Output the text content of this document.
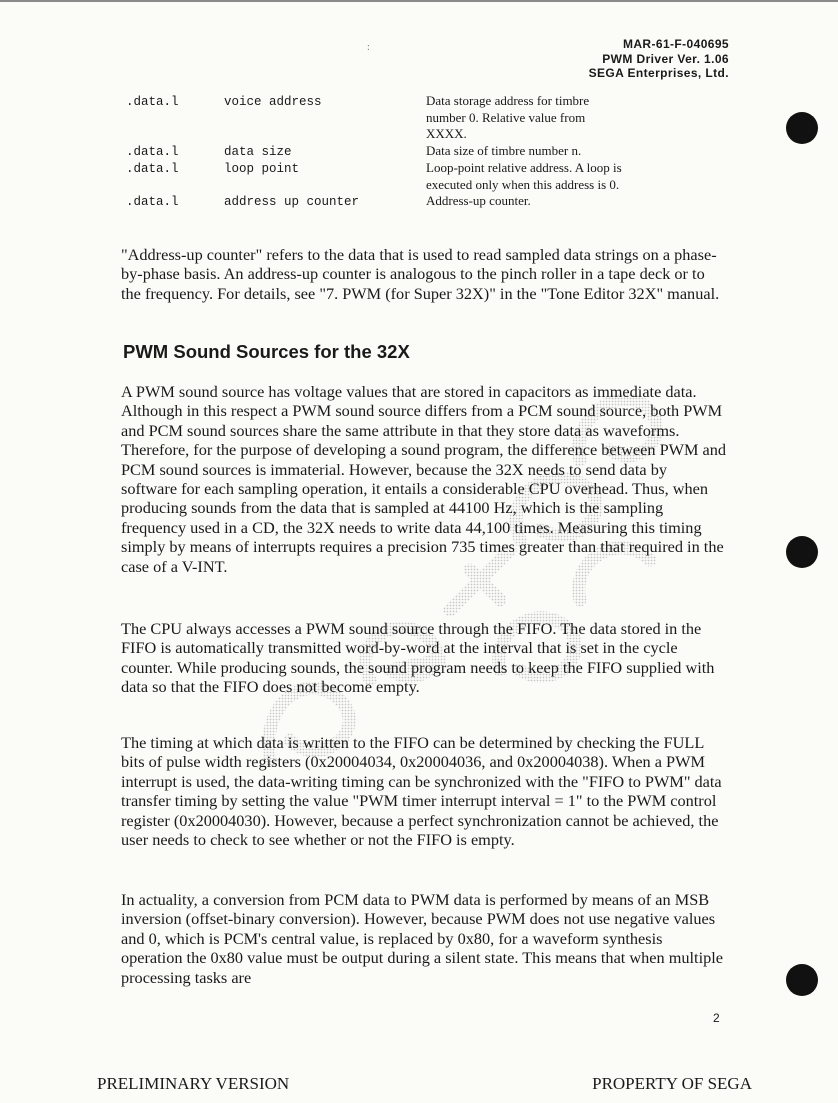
:	MAR-61-F-040695
PWM Driver Ver. 1.06
SEGA Enterprises, Ltd.
.data.l	voice address	Data storage address for timbre number 0. Relative value from XXXX.
.data.l	data size	Data size of timbre number n.
.data.l	loop point	Loop-point relative address. A loop is executed only when this address is 0.
.data.l	address up counter	Address-up counter.

"Address-up counter" refers to the data that is used to read sampled data strings on a phase-by-phase basis. An address-up counter is analogous to the pinch roller in a tape deck or to the frequency. For details, see "7. PWM (for Super 32X)" in the "Tone Editor 32X" manual.

PWM Sound Sources for the 32X

A PWM sound source has voltage values that are stored in capacitors as immediate data. Although in this respect a PWM sound source differs from a PCM sound source, both PWM and PCM sound sources share the same attribute in that they store data as waveforms. Therefore, for the purpose of developing a sound program, the difference between PWM and PCM sound sources is immaterial. However, because the 32X needs to send data by software for each sampling operation, it entails a considerable CPU overhead. Thus, when producing sounds from the data that is sampled at 44100 Hz, which is the sampling frequency used in a CD, the 32X needs to write data 44,100 times. Measuring this timing simply by means of interrupts requires a precision 735 times greater than that required in the case of a V-INT.

The CPU always accesses a PWM sound source through the FIFO. The data stored in the FIFO is automatically transmitted word-by-word at the interval that is set in the cycle counter. While producing sounds, the sound program needs to keep the FIFO supplied with data so that the FIFO does not become empty.

The timing at which data is written to the FIFO can be determined by checking the FULL bits of pulse width registers (0x20004034, 0x20004036, and 0x20004038). When a PWM interrupt is used, the data-writing timing can be synchronized with the "FIFO to PWM" data transfer timing by setting the value "PWM timer interrupt interval = 1" to the PWM control register (0x20004030). However, because a perfect synchronization cannot be achieved, the user needs to check to see whether or not the FIFO is empty.

In actuality, a conversion from PCM data to PWM data is performed by means of an MSB inversion (offset-binary conversion). However, because PWM does not use negative values and 0, which is PCM's central value, is replaced by 0x80, for a waveform synthesis operation the 0x80 value must be output during a silent state. This means that when multiple processing tasks are

2
PRELIMINARY VERSION	PROPERTY OF SEGA
